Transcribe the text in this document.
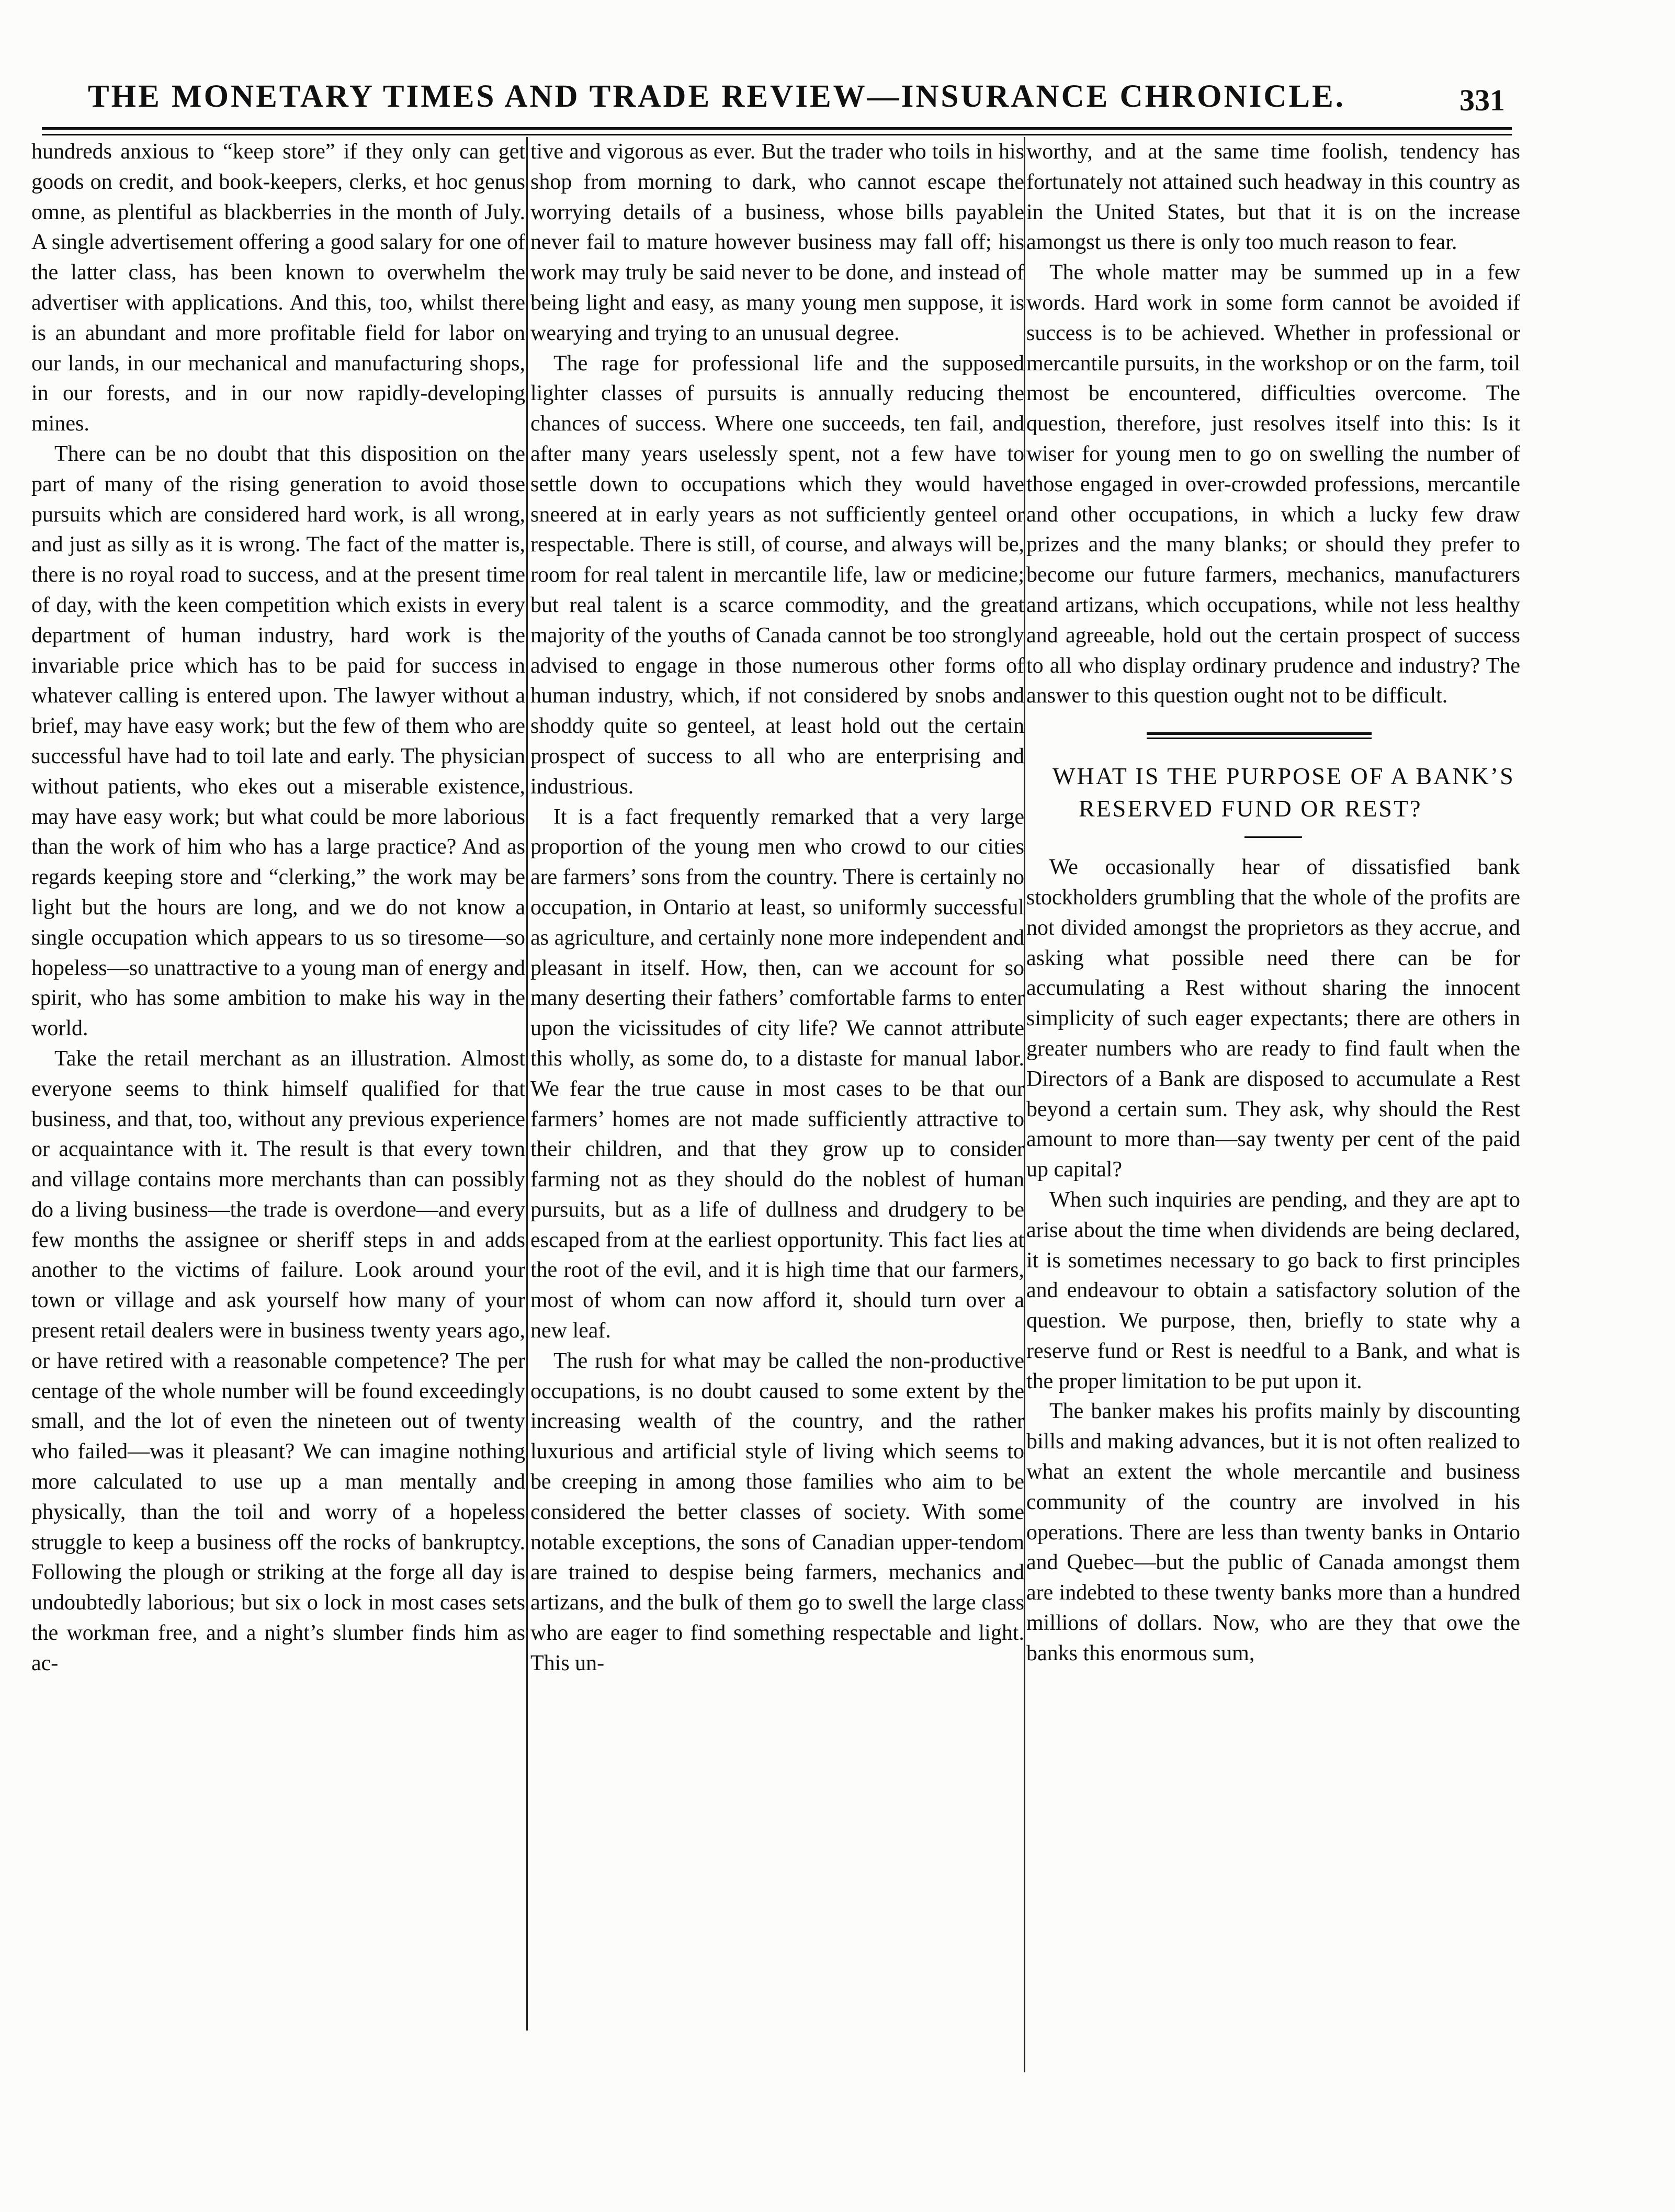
THE MONETARY TIMES AND TRADE REVIEW—INSURANCE CHRONICLE.	331

hundreds anxious to “keep store” if they only can get goods on credit, and book-keepers, clerks, et hoc genus omne, as plentiful as blackberries in the month of July. A single advertisement offering a good salary for one of the latter class, has been known to overwhelm the advertiser with applications. And this, too, whilst there is an abundant and more profitable field for labor on our lands, in our mechanical and manufacturing shops, in our forests, and in our now rapidly-developing mines.

There can be no doubt that this disposition on the part of many of the rising generation to avoid those pursuits which are considered hard work, is all wrong, and just as silly as it is wrong. The fact of the matter is, there is no royal road to success, and at the present time of day, with the keen competition which exists in every department of human industry, hard work is the invariable price which has to be paid for success in whatever calling is entered upon. The lawyer without a brief, may have easy work; but the few of them who are successful have had to toil late and early. The physician without patients, who ekes out a miserable existence, may have easy work; but what could be more laborious than the work of him who has a large practice? And as regards keeping store and “clerking,” the work may be light but the hours are long, and we do not know a single occupation which appears to us so tiresome—so hopeless—so unattractive to a young man of energy and spirit, who has some ambition to make his way in the world.

Take the retail merchant as an illustration. Almost everyone seems to think himself qualified for that business, and that, too, without any previous experience or acquaintance with it. The result is that every town and village contains more merchants than can possibly do a living business—the trade is overdone—and every few months the assignee or sheriff steps in and adds another to the victims of failure. Look around your town or village and ask yourself how many of your present retail dealers were in business twenty years ago, or have retired with a reasonable competence? The per centage of the whole number will be found exceedingly small, and the lot of even the nineteen out of twenty who failed—was it pleasant? We can imagine nothing more calculated to use up a man mentally and physically, than the toil and worry of a hopeless struggle to keep a business off the rocks of bankruptcy. Following the plough or striking at the forge all day is undoubtedly laborious; but six o lock in most cases sets the workman free, and a night’s slumber finds him as ac-

tive and vigorous as ever. But the trader who toils in his shop from morning to dark, who cannot escape the worrying details of a business, whose bills payable never fail to mature however business may fall off; his work may truly be said never to be done, and instead of being light and easy, as many young men suppose, it is wearying and trying to an unusual degree.

The rage for professional life and the supposed lighter classes of pursuits is annually reducing the chances of success. Where one succeeds, ten fail, and after many years uselessly spent, not a few have to settle down to occupations which they would have sneered at in early years as not sufficiently genteel or respectable. There is still, of course, and always will be, room for real talent in mercantile life, law or medicine; but real talent is a scarce commodity, and the great majority of the youths of Canada cannot be too strongly advised to engage in those numerous other forms of human industry, which, if not considered by snobs and shoddy quite so genteel, at least hold out the certain prospect of success to all who are enterprising and industrious.

It is a fact frequently remarked that a very large proportion of the young men who crowd to our cities are farmers’ sons from the country. There is certainly no occupation, in Ontario at least, so uniformly successful as agriculture, and certainly none more independent and pleasant in itself. How, then, can we account for so many deserting their fathers’ comfortable farms to enter upon the vicissitudes of city life? We cannot attribute this wholly, as some do, to a distaste for manual labor. We fear the true cause in most cases to be that our farmers’ homes are not made sufficiently attractive to their children, and that they grow up to consider farming not as they should do the noblest of human pursuits, but as a life of dullness and drudgery to be escaped from at the earliest opportunity. This fact lies at the root of the evil, and it is high time that our farmers, most of whom can now afford it, should turn over a new leaf.

The rush for what may be called the non-productive occupations, is no doubt caused to some extent by the increasing wealth of the country, and the rather luxurious and artificial style of living which seems to be creeping in among those families who aim to be considered the better classes of society. With some notable exceptions, the sons of Canadian upper-tendom are trained to despise being farmers, mechanics and artizans, and the bulk of them go to swell the large class who are eager to find something respectable and light. This un-

worthy, and at the same time foolish, tendency has fortunately not attained such headway in this country as in the United States, but that it is on the increase amongst us there is only too much reason to fear.

The whole matter may be summed up in a few words. Hard work in some form cannot be avoided if success is to be achieved. Whether in professional or mercantile pursuits, in the workshop or on the farm, toil most be encountered, difficulties overcome. The question, therefore, just resolves itself into this: Is it wiser for young men to go on swelling the number of those engaged in over-crowded professions, mercantile and other occupations, in which a lucky few draw prizes and the many blanks; or should they prefer to become our future farmers, mechanics, manufacturers and artizans, which occupations, while not less healthy and agreeable, hold out the certain prospect of success to all who display ordinary prudence and industry? The answer to this question ought not to be difficult.

WHAT IS THE PURPOSE OF A BANK’S RESERVED FUND OR REST?

We occasionally hear of dissatisfied bank stockholders grumbling that the whole of the profits are not divided amongst the proprietors as they accrue, and asking what possible need there can be for accumulating a Rest without sharing the innocent simplicity of such eager expectants; there are others in greater numbers who are ready to find fault when the Directors of a Bank are disposed to accumulate a Rest beyond a certain sum. They ask, why should the Rest amount to more than—say twenty per cent of the paid up capital?

When such inquiries are pending, and they are apt to arise about the time when dividends are being declared, it is sometimes necessary to go back to first principles and endeavour to obtain a satisfactory solution of the question. We purpose, then, briefly to state why a reserve fund or Rest is needful to a Bank, and what is the proper limitation to be put upon it.

The banker makes his profits mainly by discounting bills and making advances, but it is not often realized to what an extent the whole mercantile and business community of the country are involved in his operations. There are less than twenty banks in Ontario and Quebec—but the public of Canada amongst them are indebted to these twenty banks more than a hundred millions of dollars. Now, who are they that owe the banks this enormous sum,
